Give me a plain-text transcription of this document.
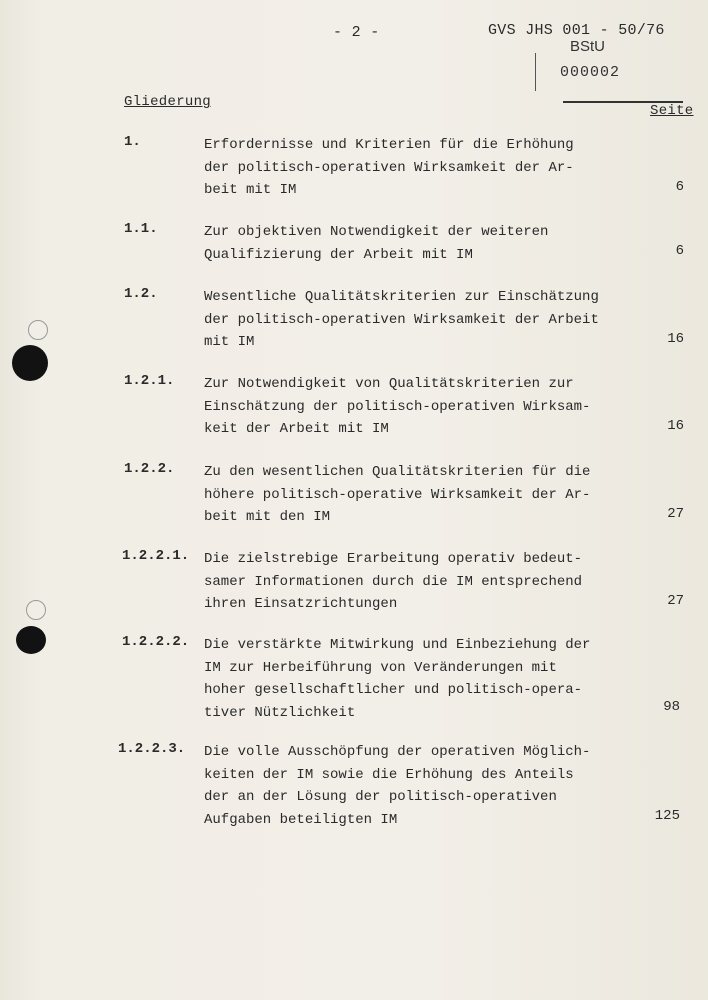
- 2 -	GVS JHS 001 - 50/76
BStU
000002
Gliederung
Seite
1.	Erfordernisse und Kriterien für die Erhöhung
der politisch-operativen Wirksamkeit der Ar-
beit mit IM	6
1.1.	Zur objektiven Notwendigkeit der weiteren
Qualifizierung der Arbeit mit IM	6
1.2.	Wesentliche Qualitätskriterien zur Einschätzung
der politisch-operativen Wirksamkeit der Arbeit
mit IM	16
1.2.1. Zur Notwendigkeit von Qualitätskriterien zur
Einschätzung der politisch-operativen Wirksam-
keit der Arbeit mit IM	16
1.2.2. Zu den wesentlichen Qualitätskriterien für die
höhere politisch-operative Wirksamkeit der Ar-
beit mit den IM	27
1.2.2.1. Die zielstrebige Erarbeitung operativ bedeut-
samer Informationen durch die IM entsprechend
ihren Einsatzrichtungen	27
1.2.2.2. Die verstärkte Mitwirkung und Einbeziehung der
IM zur Herbeiführung von Veränderungen mit
hoher gesellschaftlicher und politisch-opera-
tiver Nützlichkeit	98
1.2.2.3. Die volle Ausschöpfung der operativen Möglich-
keiten der IM sowie die Erhöhung des Anteils
der an der Lösung der politisch-operativen
Aufgaben beteiligten IM	125
